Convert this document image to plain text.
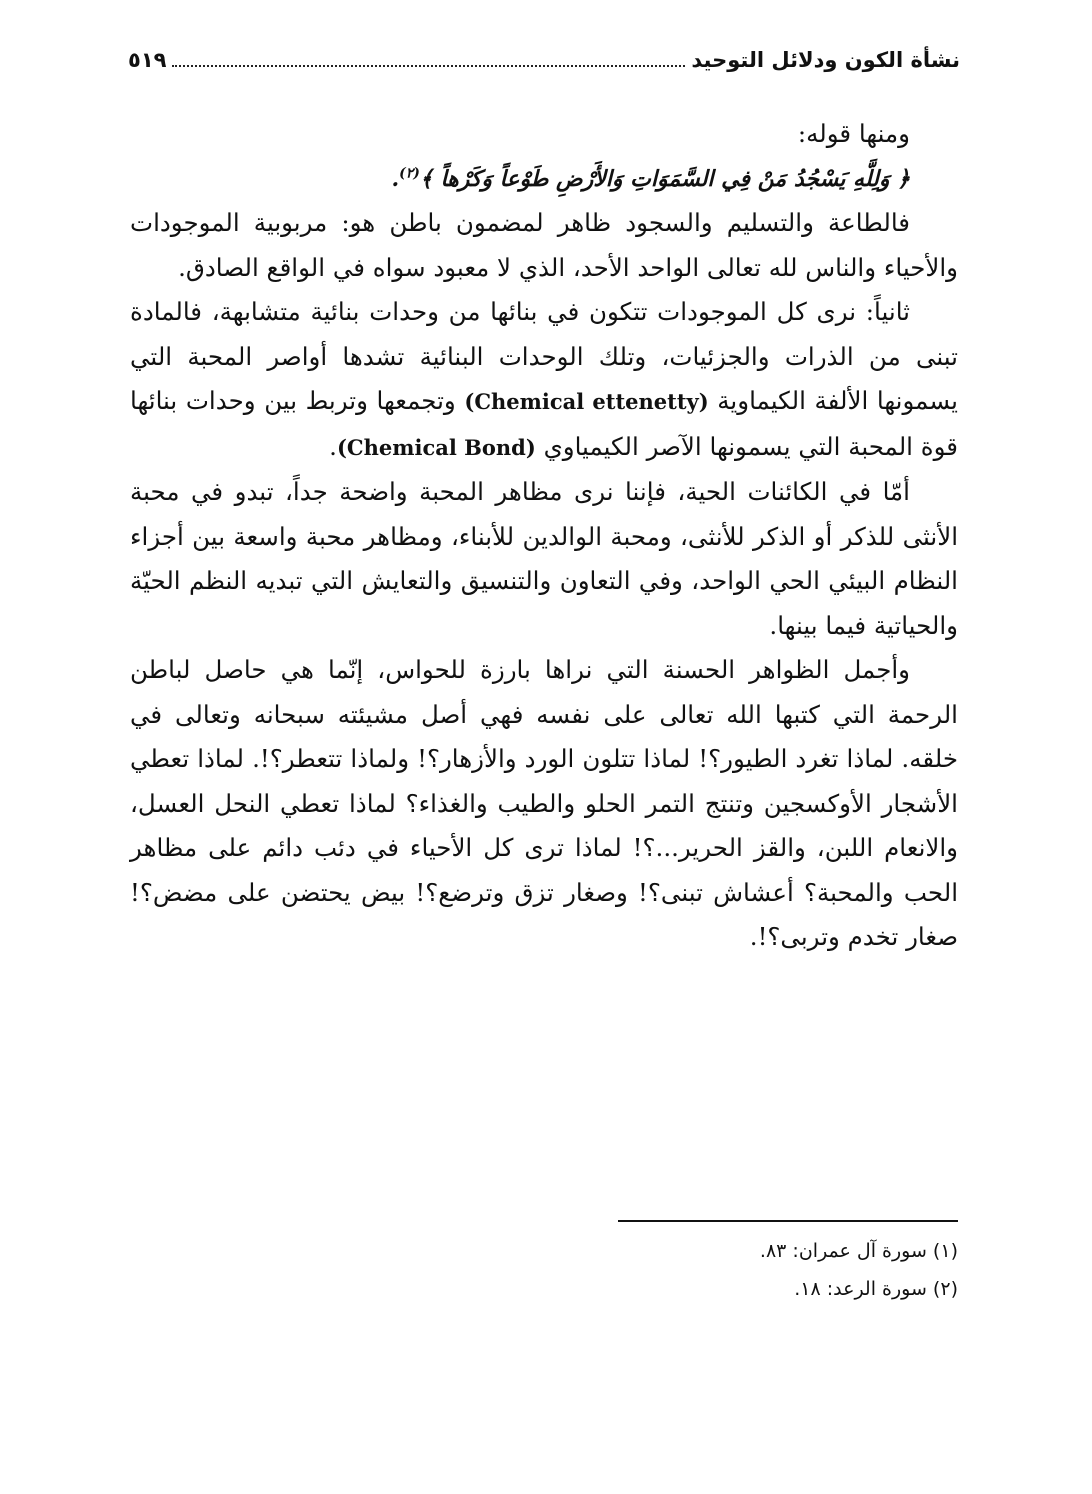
نشأة الكون ودلائل التوحيد
٥١٩

ومنها قوله:

﴿ وَلِلَّهِ يَسْجُدُ مَنْ فِي السَّمَوَاتِ وَالأَرْضِ طَوْعاً وَكَرْهاً ﴾$^{(٢)}$.

فالطاعة والتسليم والسجود ظاهر لمضمون باطن هو: مربوبية الموجودات والأحياء والناس لله تعالى الواحد الأحد، الذي لا معبود سواه في الواقع الصادق.

ثانياً: نرى كل الموجودات تتكون في بنائها من وحدات بنائية متشابهة، فالمادة تبنى من الذرات والجزئيات، وتلك الوحدات البنائية تشدها أواصر المحبة التي يسمونها الألفة الكيماوية (Chemical ettenetty) وتجمعها وتربط بين وحدات بنائها قوة المحبة التي يسمونها الآصر الكيمياوي (Chemical Bond).

أمّا في الكائنات الحية، فإننا نرى مظاهر المحبة واضحة جداً، تبدو في محبة الأنثى للذكر أو الذكر للأنثى، ومحبة الوالدين للأبناء، ومظاهر محبة واسعة بين أجزاء النظام البيئي الحي الواحد، وفي التعاون والتنسيق والتعايش التي تبديه النظم الحيّة والحياتية فيما بينها.

وأجمل الظواهر الحسنة التي نراها بارزة للحواس، إنّما هي حاصل لباطن الرحمة التي كتبها الله تعالى على نفسه فهي أصل مشيئته سبحانه وتعالى في خلقه. لماذا تغرد الطيور؟! لماذا تتلون الورد والأزهار؟! ولماذا تتعطر؟!. لماذا تعطي الأشجار الأوكسجين وتنتج التمر الحلو والطيب والغذاء؟ لماذا تعطي النحل العسل، والانعام اللبن، والقز الحرير...؟! لماذا ترى كل الأحياء في دئب دائم على مظاهر الحب والمحبة؟ أعشاش تبنى؟! وصغار تزق وترضع؟! بيض يحتضن على مضض؟! صغار تخدم وتربى؟!.

(١) سورة آل عمران: ٨٣.

(٢) سورة الرعد: ١٨.
